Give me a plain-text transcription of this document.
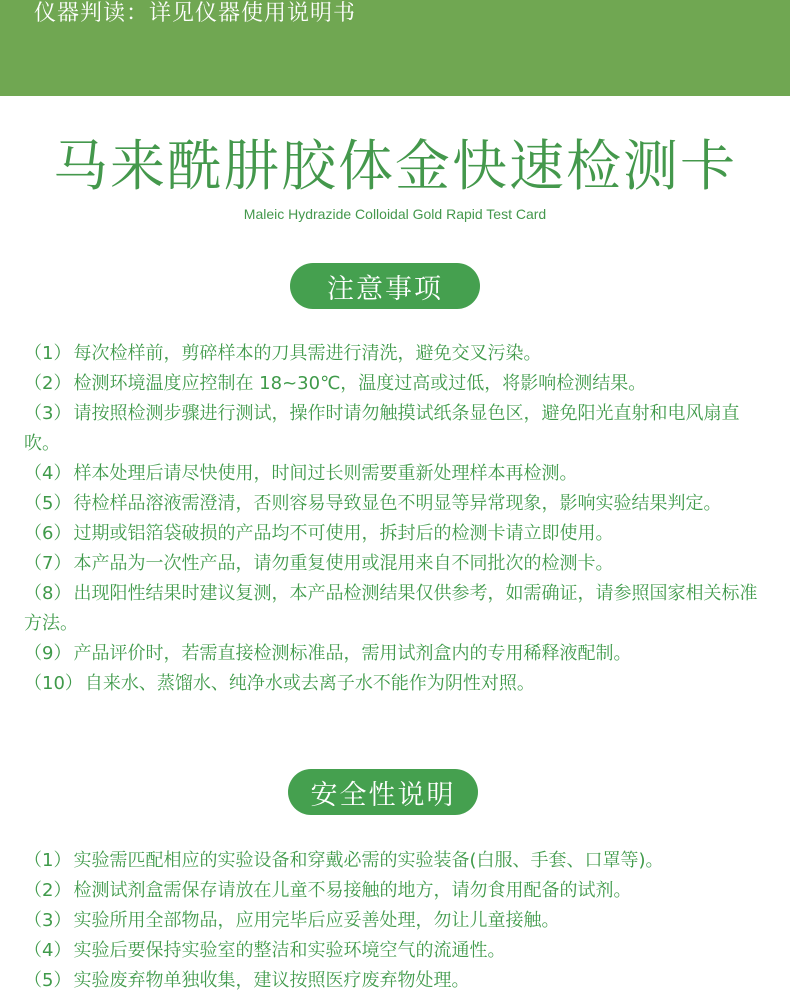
仪器判读：详见仪器使用说明书
马来酰肼胶体金快速检测卡
Maleic Hydrazide Colloidal Gold Rapid Test Card
注意事项
（1） 每次检样前，剪碎样本的刀具需进行清洗，避免交叉污染。
（2） 检测环境温度应控制在 18~30℃，温度过高或过低，将影响检测结果。
（3） 请按照检测步骤进行测试，操作时请勿触摸试纸条显色区，避免阳光直射和电风扇直吹。
（4） 样本处理后请尽快使用，时间过长则需要重新处理样本再检测。
（5） 待检样品溶液需澄清，否则容易导致显色不明显等异常现象，影响实验结果判定。
（6） 过期或铝箔袋破损的产品均不可使用，拆封后的检测卡请立即使用。
（7） 本产品为一次性产品，请勿重复使用或混用来自不同批次的检测卡。
（8） 出现阳性结果时建议复测，本产品检测结果仅供参考，如需确证，请参照国家相关标准方法。
（9） 产品评价时，若需直接检测标准品，需用试剂盒内的专用稀释液配制。
（10） 自来水、蒸馏水、纯净水或去离子水不能作为阴性对照。
安全性说明
（1） 实验需匹配相应的实验设备和穿戴必需的实验装备(白服、手套、口罩等)。
（2） 检测试剂盒需保存请放在儿童不易接触的地方，请勿食用配备的试剂。
（3） 实验所用全部物品，应用完毕后应妥善处理，勿让儿童接触。
（4） 实验后要保持实验室的整洁和实验环境空气的流通性。
（5） 实验废弃物单独收集，建议按照医疗废弃物处理。
